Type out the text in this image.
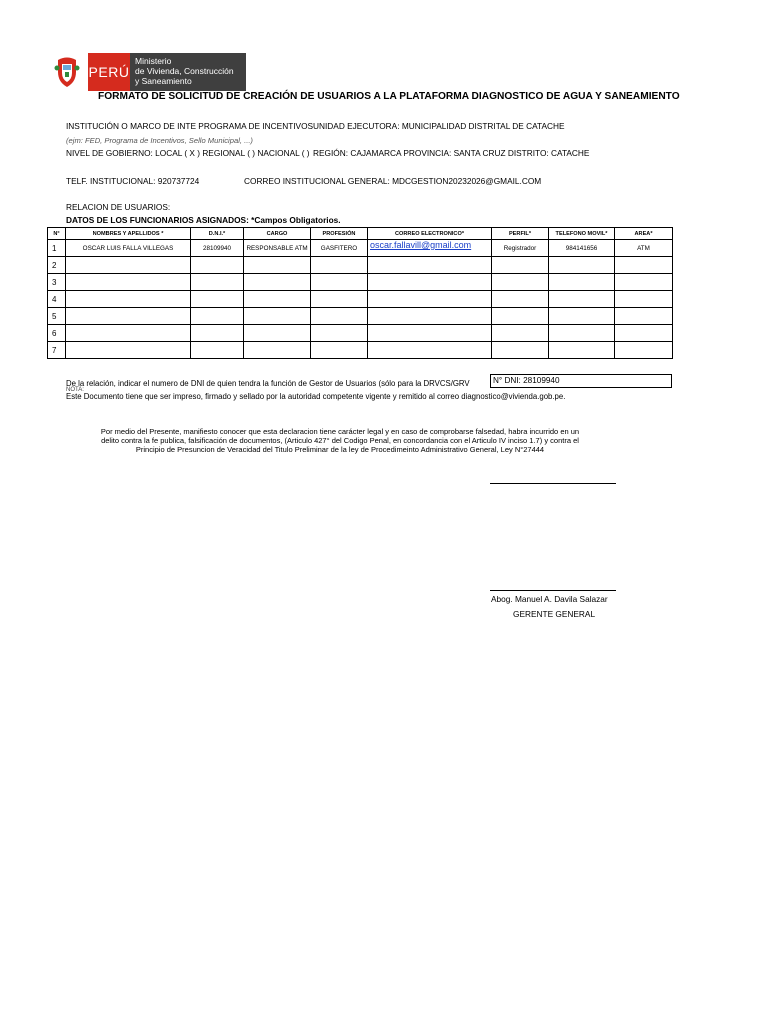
PERÚ
Ministerio
de Vivienda, Construcción
y Saneamiento
FORMATO DE SOLICITUD DE CREACIÓN DE USUARIOS A LA PLATAFORMA DIAGNOSTICO DE AGUA Y SANEAMIENTO
INSTITUCIÓN O MARCO DE INTE PROGRAMA DE INCENTIVOS UNIDAD EJECUTORA: MUNICIPALIDAD DISTRITAL DE CATACHE
(ejm: FED, Programa de Incentivos, Sello Municipal, ...)
NIVEL DE GOBIERNO: LOCAL ( X ) REGIONAL ( ) NACIONAL ( ) REGIÓN: CAJAMARCA PROVINCIA: SANTA CRUZ DISTRITO: CATACHE
TELF. INSTITUCIONAL: 920737724	CORREO INSTITUCIONAL GENERAL: MDCGESTION20232026@GMAIL.COM
RELACION DE USUARIOS:
DATOS DE LOS FUNCIONARIOS ASIGNADOS: *Campos Obligatorios.
N°	NOMBRES Y APELLIDOS *	D.N.I.*	CARGO	PROFESIÓN	CORREO ELECTRONICO*	PERFIL*	TELEFONO MOVIL*	AREA*
1	OSCAR LUIS FALLA VILLEGAS	28109940	RESPONSABLE ATM	GASFITERO	oscar.fallavill@gmail.com	Registrador	984141656	ATM
2								
3								
4								
5								
6								
7								
De la relación, indicar el numero de DNI de quien tendra la función de Gestor de Usuarios (sólo para la DRVCS/GRV
NOTA:
N° DNI: 28109940
Este Documento tiene que ser impreso, firmado y sellado por la autoridad competente vigente y remitido al correo diagnostico@vivienda.gob.pe.
Por medio del Presente, manifiesto conocer que esta declaracion tiene carácter legal y en caso de comprobarse falsedad, habra incurrido en un
delito contra la fe publica, falsificación de documentos, (Articulo 427° del Codigo Penal, en concordancia con el Articulo IV inciso 1.7) y contra el
Principio de Presuncion de Veracidad del Titulo Preliminar de la ley de Procedimeinto Administrativo General, Ley N°27444
Abog. Manuel A. Davila Salazar
GERENTE GENERAL
